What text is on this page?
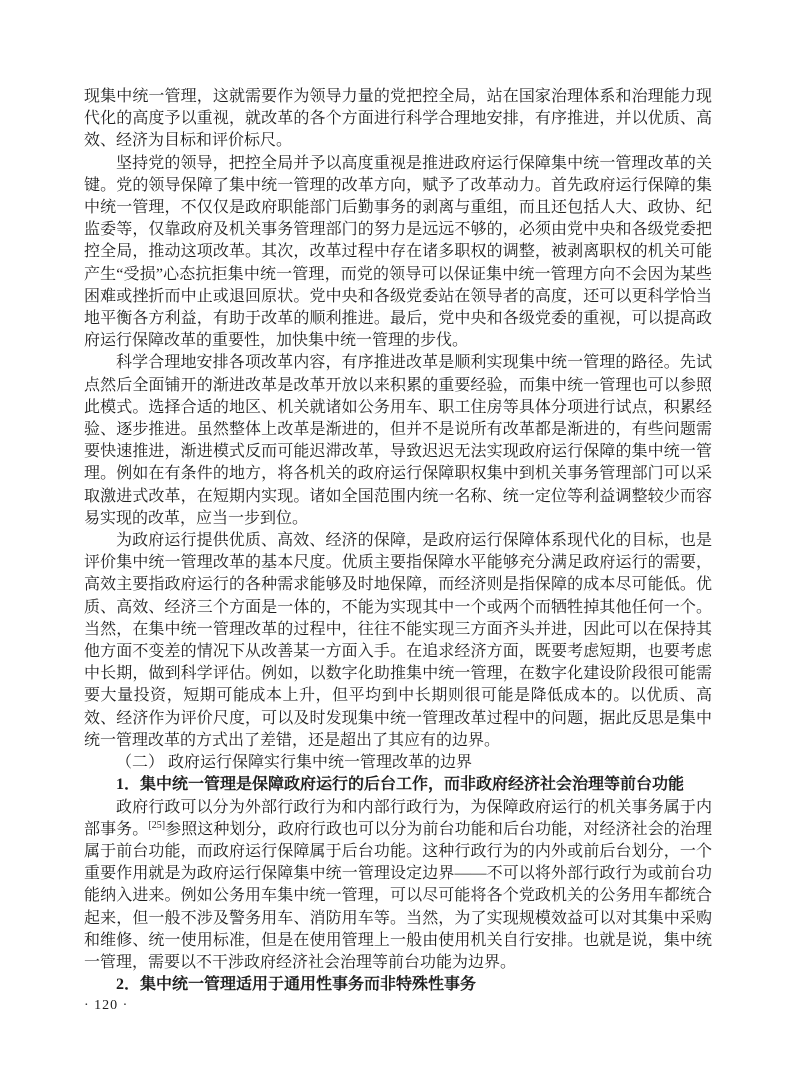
现集中统一管理，这就需要作为领导力量的党把控全局，站在国家治理体系和治理能力现代化的高度予以重视，就改革的各个方面进行科学合理地安排，有序推进，并以优质、高效、经济为目标和评价标尺。

坚持党的领导，把控全局并予以高度重视是推进政府运行保障集中统一管理改革的关键。党的领导保障了集中统一管理的改革方向，赋予了改革动力。首先政府运行保障的集中统一管理，不仅仅是政府职能部门后勤事务的剥离与重组，而且还包括人大、政协、纪监委等，仅靠政府及机关事务管理部门的努力是远远不够的，必须由党中央和各级党委把控全局，推动这项改革。其次，改革过程中存在诸多职权的调整，被剥离职权的机关可能产生“受损”心态抗拒集中统一管理，而党的领导可以保证集中统一管理方向不会因为某些困难或挫折而中止或退回原状。党中央和各级党委站在领导者的高度，还可以更科学恰当地平衡各方利益，有助于改革的顺利推进。最后，党中央和各级党委的重视，可以提高政府运行保障改革的重要性，加快集中统一管理的步伐。

科学合理地安排各项改革内容，有序推进改革是顺利实现集中统一管理的路径。先试点然后全面铺开的渐进改革是改革开放以来积累的重要经验，而集中统一管理也可以参照此模式。选择合适的地区、机关就诸如公务用车、职工住房等具体分项进行试点，积累经验、逐步推进。虽然整体上改革是渐进的，但并不是说所有改革都是渐进的，有些问题需要快速推进，渐进模式反而可能迟滞改革，导致迟迟无法实现政府运行保障的集中统一管理。例如在有条件的地方，将各机关的政府运行保障职权集中到机关事务管理部门可以采取激进式改革，在短期内实现。诸如全国范围内统一名称、统一定位等利益调整较少而容易实现的改革，应当一步到位。

为政府运行提供优质、高效、经济的保障，是政府运行保障体系现代化的目标，也是评价集中统一管理改革的基本尺度。优质主要指保障水平能够充分满足政府运行的需要，高效主要指政府运行的各种需求能够及时地保障，而经济则是指保障的成本尽可能低。优质、高效、经济三个方面是一体的，不能为实现其中一个或两个而牺牲掉其他任何一个。当然，在集中统一管理改革的过程中，往往不能实现三方面齐头并进，因此可以在保持其他方面不变差的情况下从改善某一方面入手。在追求经济方面，既要考虑短期，也要考虑中长期，做到科学评估。例如，以数字化助推集中统一管理，在数字化建设阶段很可能需要大量投资，短期可能成本上升，但平均到中长期则很可能是降低成本的。以优质、高效、经济作为评价尺度，可以及时发现集中统一管理改革过程中的问题，据此反思是集中统一管理改革的方式出了差错，还是超出了其应有的边界。

（二） 政府运行保障实行集中统一管理改革的边界
1．集中统一管理是保障政府运行的后台工作，而非政府经济社会治理等前台功能

政府行政可以分为外部行政行为和内部行政行为，为保障政府运行的机关事务属于内部事务。[25]参照这种划分，政府行政也可以分为前台功能和后台功能，对经济社会的治理属于前台功能，而政府运行保障属于后台功能。这种行政行为的内外或前后台划分，一个重要作用就是为政府运行保障集中统一管理设定边界——不可以将外部行政行为或前台功能纳入进来。例如公务用车集中统一管理，可以尽可能将各个党政机关的公务用车都统合起来，但一般不涉及警务用车、消防用车等。当然，为了实现规模效益可以对其集中采购和维修、统一使用标准，但是在使用管理上一般由使用机关自行安排。也就是说，集中统一管理，需要以不干涉政府经济社会治理等前台功能为边界。

2．集中统一管理适用于通用性事务而非特殊性事务
· 120 ·
